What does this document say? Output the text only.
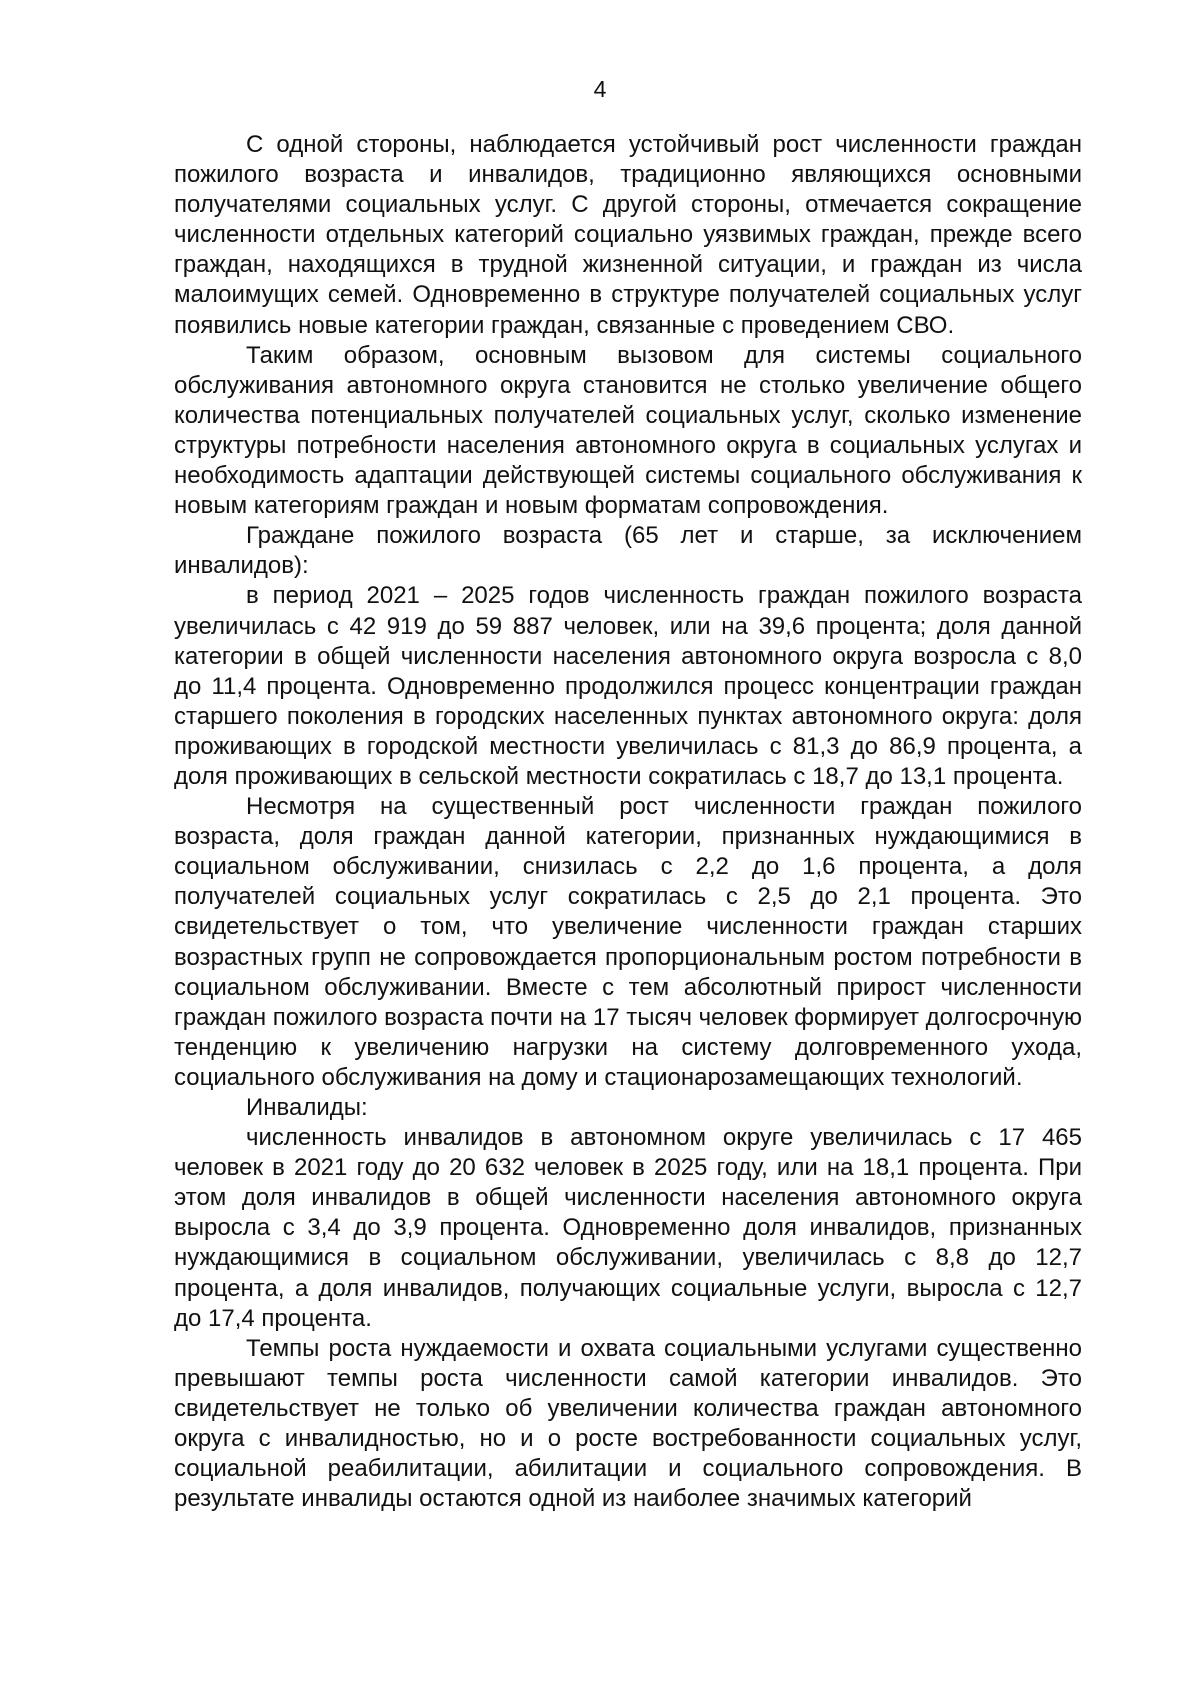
4

С одной стороны, наблюдается устойчивый рост численности граждан пожилого возраста и инвалидов, традиционно являющихся основными получателями социальных услуг. С другой стороны, отмечается сокращение численности отдельных категорий социально уязвимых граждан, прежде всего граждан, находящихся в трудной жизненной ситуации, и граждан из числа малоимущих семей. Одновременно в структуре получателей социальных услуг появились новые категории граждан, связанные с проведением СВО.

Таким образом, основным вызовом для системы социального обслуживания автономного округа становится не столько увеличение общего количества потенциальных получателей социальных услуг, сколько изменение структуры потребности населения автономного округа в социальных услугах и необходимость адаптации действующей системы социального обслуживания к новым категориям граждан и новым форматам сопровождения.

Граждане пожилого возраста (65 лет и старше, за исключением инвалидов):

в период 2021 – 2025 годов численность граждан пожилого возраста увеличилась с 42 919 до 59 887 человек, или на 39,6 процента; доля данной категории в общей численности населения автономного округа возросла с 8,0 до 11,4 процента. Одновременно продолжился процесс концентрации граждан старшего поколения в городских населенных пунктах автономного округа: доля проживающих в городской местности увеличилась с 81,3 до 86,9 процента, а доля проживающих в сельской местности сократилась с 18,7 до 13,1 процента.

Несмотря на существенный рост численности граждан пожилого возраста, доля граждан данной категории, признанных нуждающимися в социальном обслуживании, снизилась с 2,2 до 1,6 процента, а доля получателей социальных услуг сократилась с 2,5 до 2,1 процента. Это свидетельствует о том, что увеличение численности граждан старших возрастных групп не сопровождается пропорциональным ростом потребности в социальном обслуживании. Вместе с тем абсолютный прирост численности граждан пожилого возраста почти на 17 тысяч человек формирует долгосрочную тенденцию к увеличению нагрузки на систему долговременного ухода, социального обслуживания на дому и стационарозамещающих технологий.

Инвалиды:

численность инвалидов в автономном округе увеличилась с 17 465 человек в 2021 году до 20 632 человек в 2025 году, или на 18,1 процента. При этом доля инвалидов в общей численности населения автономного округа выросла с 3,4 до 3,9 процента. Одновременно доля инвалидов, признанных нуждающимися в социальном обслуживании, увеличилась с 8,8 до 12,7 процента, а доля инвалидов, получающих социальные услуги, выросла с 12,7 до 17,4 процента.

Темпы роста нуждаемости и охвата социальными услугами существенно превышают темпы роста численности самой категории инвалидов. Это свидетельствует не только об увеличении количества граждан автономного округа с инвалидностью, но и о росте востребованности социальных услуг, социальной реабилитации, абилитации и социального сопровождения. В результате инвалиды остаются одной из наиболее значимых категорий
